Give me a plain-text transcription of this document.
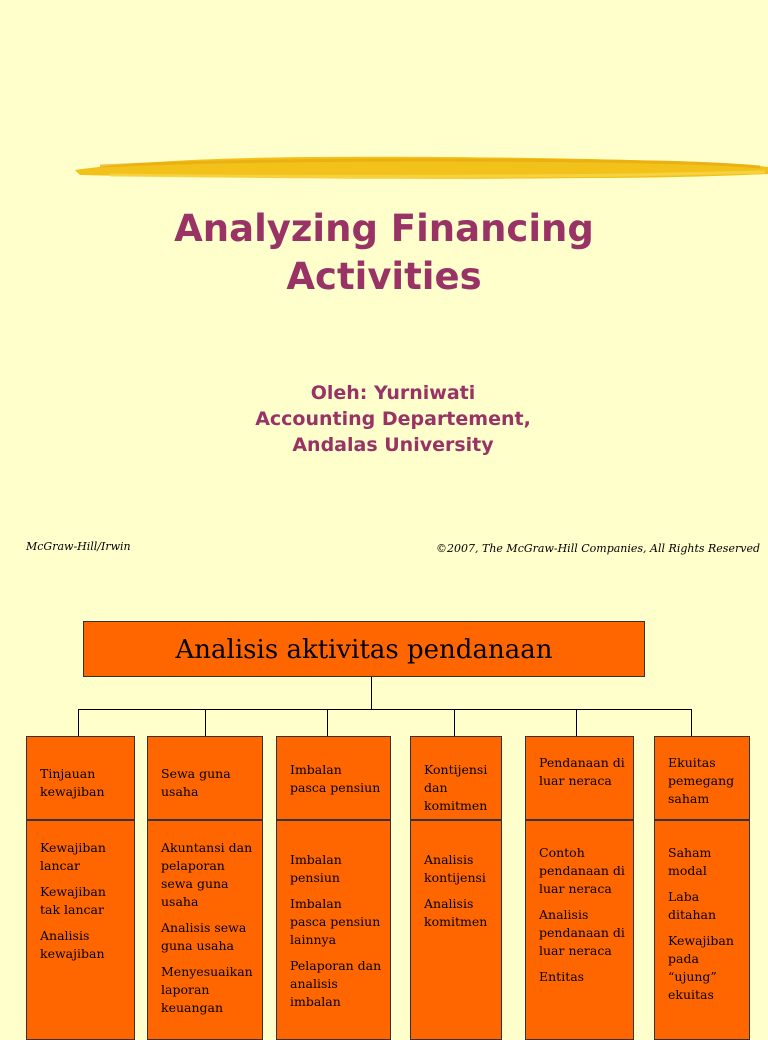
Analyzing Financing
Activities
Oleh: Yurniwati
Accounting Departement,
Andalas University
McGraw-Hill/Irwin	©2007, The McGraw-Hill Companies, All Rights Reserved
Analisis aktivitas pendanaan
Tinjauan kewajiban

Kewajiban lancar

Kewajiban tak lancar

Analisis kewajiban

Sewa guna usaha

Akuntansi dan pelaporan sewa guna usaha

Analisis sewa guna usaha

Menyesuaikan laporan keuangan

Imbalan pasca pensiun

Imbalan pensiun

Imbalan pasca pensiun lainnya

Pelaporan dan analisis imbalan

Kontijensi dan komitmen

Analisis kontijensi

Analisis komitmen

Pendanaan di luar neraca

Contoh pendanaan di luar neraca

Analisis pendanaan di luar neraca

Entitas

Ekuitas pemegang saham

Saham modal

Laba ditahan

Kewajiban pada “ujung” ekuitas
